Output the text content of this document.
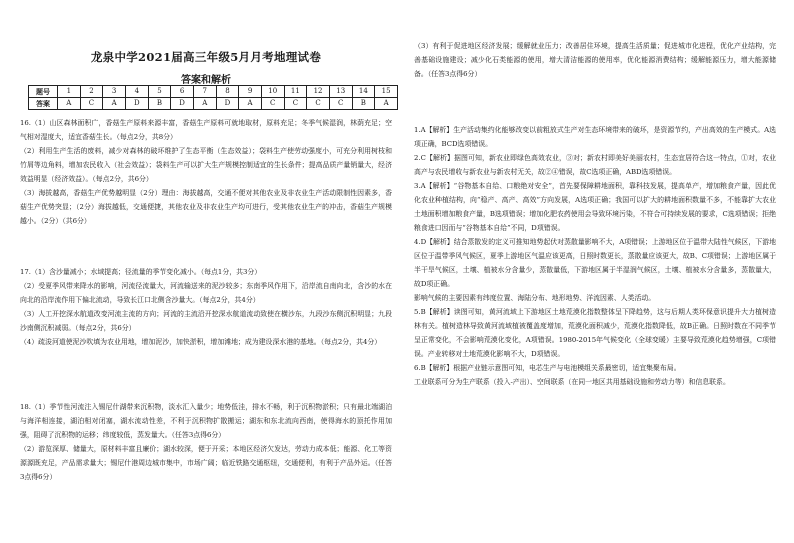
龙泉中学2021届高三年级5月月考地理试卷
答案和解析
题号	1	2	3	4	5	6	7	8	9	10	11	12	13	14	15
答案	A	C	A	D	B	D	A	D	A	C	C	C	C	B	A

16.（1）山区森林面积广，香菇生产原料来源丰富，香菇生产原料可就地取材，原料充足；冬季气候湿润，林荫充足；空气相对湿度大，适宜香菇生长。（每点2分，共8分）

（2）利用生产生活的废料，减少对森林的破坏维护了生态平衡（生态效益）；袋料生产使劳动强度小，可充分利用树枝和竹屑等边角料，增加农民收入（社会效益）；袋料生产可以扩大生产规模控制适宜的生长条件；提高品质产量销量大，经济效益明显（经济效益）。（每点2分，共6分）

（3）海拔越高，香菇生产优势越明显（2分）理由：海拔越高，交通不便对其他农业及非农业生产活动限制性因素多，香菇生产优势突显；（2分）海拔越低，交通便捷，其他农业及非农业生产均可进行，受其他农业生产的冲击，香菇生产规模越小。（2分）（共6分）

17.（1）含沙量减小；水域提高；径流量的季节变化减小。（每点1分，共3分）

（2）受夏季风带来降水的影响，河流径流量大，河流输送来的泥沙较多；东南季风作用下，沿岸流自南向北，含沙的水在向北的沿岸流作用下偏北流动，导致长江口北侧含沙量大。（每点2分，共4分）

（3）人工开挖深水航道改变河流主流的方向；河流的主流沿开挖深水航道流动致使在横沙东，九段沙东侧沉积明显；九段沙南侧沉积减弱。（每点2分，共6分）

（4）疏浚河道使泥沙吹填为农业用地，增加泥沙，加快淤积，增加滩地；成为建设深水港的基地。（每点2分，共4分）

18.（1）季节性河流注入锡尼什湖带来沉积物，淡水汇入量少；地势低洼，排水不畅，利于沉积物淤积；只有最北端湖泊与海洋相连接，湖泊相对闭塞，湖水流动性差，不利于沉积物扩散搬运；湖东和东北流向西南，使得海水的顶托作用加强，阻碍了沉积物的运移；纬度较低，蒸发量大。（任答3点得6分）

（2）游览深厚、储量大，原材料丰富且廉价；湖水较深，便于开采；本地区经济欠发达，劳动力成本低；能源、化工等资源源既充足，产品需求量大；锡尼什港周边城市集中，市场广阔；临近铁路交通枢纽，交通便利，有利于产品外运。（任答3点得6分）

（3）有利于促进地区经济发展；缓解就业压力；改善居住环境，提高生活质量；促进城市化进程，优化产业结构，完善基础设施建设；减少化石类能源的使用，增大清洁能源的使用率，优化能源消费结构；缓解能源压力，增大能源储备。（任答3点得6分）

1.A【解析】生产活动集约化能够改变以前粗放式生产对生态环境带来的破坏，是资源节约，产出高效的生产模式。A选项正确，BCD选项错误。

2.C【解析】据图可知，新农业即绿色高效农业，③对；新农村即美好美丽农村，生态宜居符合这一特点，①对，农业高产与农民增收与新农业与新农村无关，故②④错误，故C选项正确，ABD选项错误。

3.A【解析】“谷物基本自给、口粮绝对安全”，首先要保障耕地面积，靠科技发展，提高单产，增加粮食产量，因此优化农业种植结构，向“稳产、高产、高效”方向发展，A选项正确；我国可以扩大的耕地面积数量不多，不能靠扩大农业土地面积增加粮食产量，B选项错误；增加化肥农药使用会导致环境污染，不符合可持续发展的要求，C选项错误；拒绝粮食进口因而与“谷物基本自给”不同，D项错误。

4.D【解析】结合蒸散发的定义可推知地势起伏对蒸散量影响不大，A项错误；上游地区位于温带大陆性气候区，下游地区位于温带季风气候区，夏季上游地区气温应该更高，日照时数更长，蒸散量应该更大，故B、C项错误；上游地区属于半干旱气候区，土壤、植被水分含量少，蒸散量低，下游地区属于半湿润气候区，土壤、植被水分含量多，蒸散量大，故D项正确。

影响气候的主要因素有纬度位置、海陆分布、地形地势、洋流因素、人类活动。

5.B【解析】读图可知，黄河流域上下游地区土地荒漠化指数整体呈下降趋势，这与后期人类环保意识提升大力植树造林有关。植树造林导致黄河流域植被覆盖度增加，荒漠化面积减少，荒漠化指数降低，故B正确。日照时数在不同季节呈正常变化，不会影响荒漠化变化，A项错误。1980-2015年气候变化（全球变暖）主要导致荒漠化趋势增强，C项错误。产业转移对土地荒漠化影响不大，D项错误。

6.B【解析】根据产业链示意图可知，电芯生产与电池模组关系最密切，适宜集聚布局。

工业联系可分为生产联系（投入-产出）、空间联系（在同一地区共用基础设施和劳动力等）和信息联系。
